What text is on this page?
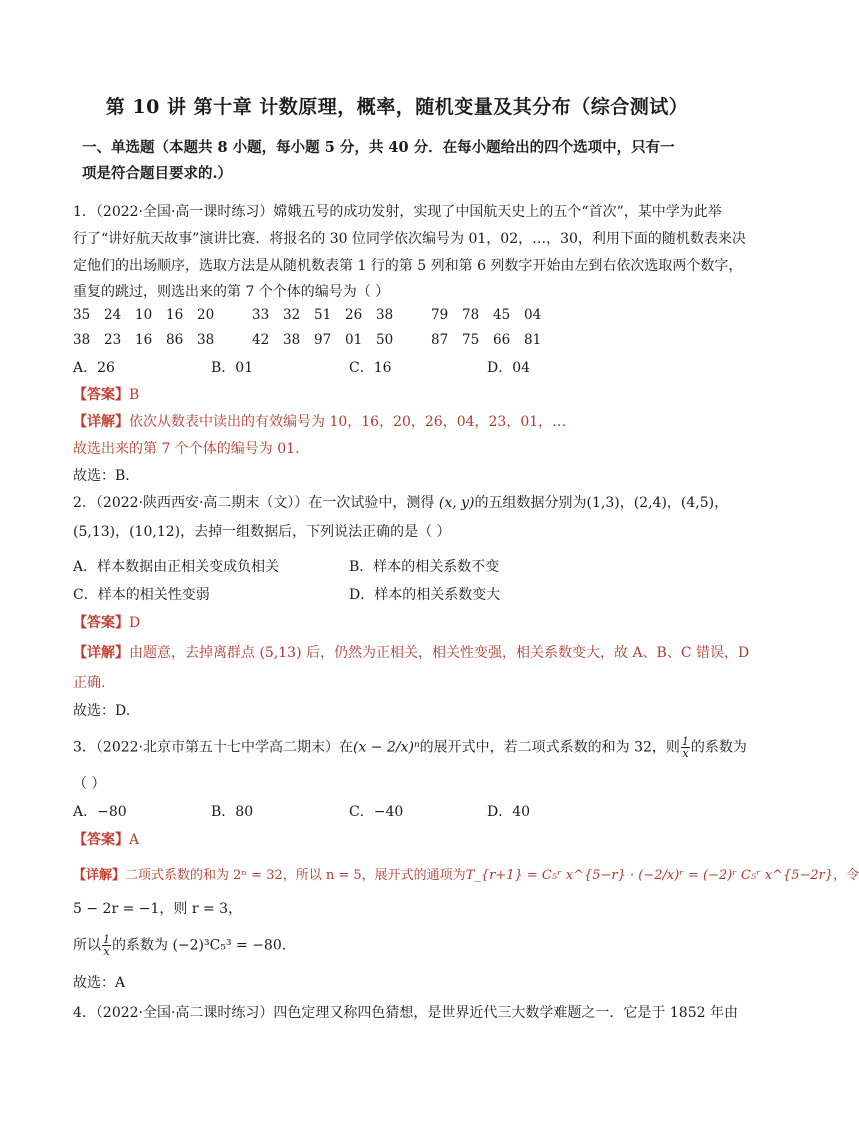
第 10 讲 第十章 计数原理，概率，随机变量及其分布（综合测试）
一、单选题（本题共 8 小题，每小题 5 分，共 40 分．在每小题给出的四个选项中，只有一
项是符合题目要求的.）
1．（2022·全国·高一课时练习）嫦娥五号的成功发射，实现了中国航天史上的五个“首次”，某中学为此举
行了“讲好航天故事”演讲比赛．将报名的 30 位同学依次编号为 01，02，…，30，利用下面的随机数表来决
定他们的出场顺序，选取方法是从随机数表第 1 行的第 5 列和第 6 列数字开始由左到右依次选取两个数字，
重复的跳过，则选出来的第 7 个个体的编号为（ ）
35 24 10 16 20	33 32 51 26 38	79 78 45 04
38 23 16 86 38	42 38 97 01 50	87 75 66 81
A．26	B．01	C．16	D．04
【答案】B
【详解】依次从数表中读出的有效编号为 10，16，20，26，04，23，01，…
故选出来的第 7 个个体的编号为 01.
故选：B．
2．（2022·陕西西安·高二期末（文））在一次试验中，测得 (x, y)的五组数据分别为(1,3)，(2,4)，(4,5)，
(5,13)，(10,12)，去掉一组数据后，下列说法正确的是（ ）
A．样本数据由正相关变成负相关	B．样本的相关系数不变
C．样本的相关性变弱	D．样本的相关系数变大
【答案】D
【详解】由题意，去掉离群点 (5,13) 后，仍然为正相关，相关性变强，相关系数变大，故 A、B、C 错误，D
正确.
故选：D.
3．（2022·北京市第五十七中学高二期末）在(x − 2/x)ⁿ的展开式中，若二项式系数的和为 32，则 $\frac{1}{x}$ 的系数为
（ ）
A．−80	B．80	C．−40	D．40
【答案】A
【详解】二项式系数的和为 2ⁿ = 32，所以 n = 5，展开式的通项为T_{r+1} = C₅ʳ x^{5−r} · (−2/x)ʳ = (−2)ʳ C₅ʳ x^{5−2r}，令
5 − 2r = −1，则 r = 3，
所以 $\frac{1}{x}$ 的系数为 (−2)³C₅³ = −80．
故选：A
4．（2022·全国·高二课时练习）四色定理又称四色猜想，是世界近代三大数学难题之一．它是于 1852 年由
